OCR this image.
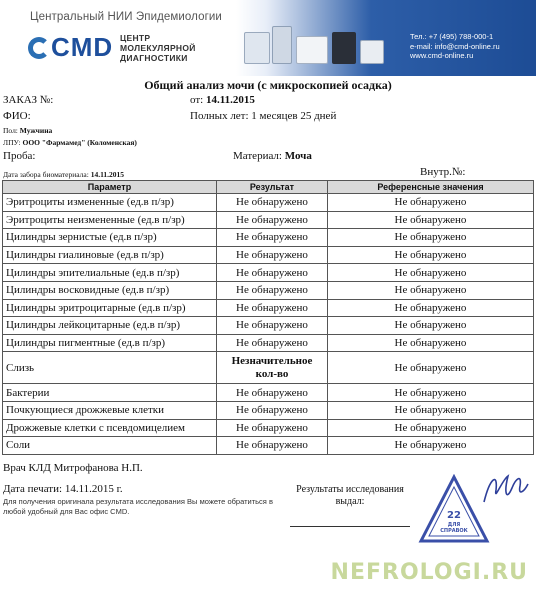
Центральный НИИ Эпидемиологии
CMD ЦЕНТР
МОЛЕКУЛЯРНОЙ
ДИАГНОСТИКИ
Тел.: +7 (495) 788-000-1
e-mail: info@cmd-online.ru
www.cmd-online.ru
Общий анализ мочи (с микроскопией осадка)
ЗАКАЗ №:	от: 14.11.2015
ФИО:	Полных лет: 1 месяцев 25 дней
Пол: Мужчина
ЛПУ: ООО "Фармамед" (Коломенская)
Проба:	Материал: Моча
Дата забора биоматериала: 14.11.2015	Внутр.№:
Параметр	Результат	Референсные значения
Эритроциты измененные (ед.в п/зр)	Не обнаружено	Не обнаружено
Эритроциты неизмененные (ед.в п/зр)	Не обнаружено	Не обнаружено
Цилиндры зернистые (ед.в п/зр)	Не обнаружено	Не обнаружено
Цилиндры гиалиновые (ед.в п/зр)	Не обнаружено	Не обнаружено
Цилиндры эпителиальные (ед.в п/зр)	Не обнаружено	Не обнаружено
Цилиндры восковидные (ед.в п/зр)	Не обнаружено	Не обнаружено
Цилиндры эритроцитарные (ед.в п/зр)	Не обнаружено	Не обнаружено
Цилиндры лейкоцитарные (ед.в п/зр)	Не обнаружено	Не обнаружено
Цилиндры пигментные (ед.в п/зр)	Не обнаружено	Не обнаружено
Слизь	Незначительное кол-во	Не обнаружено
Бактерии	Не обнаружено	Не обнаружено
Почкующиеся дрожжевые клетки	Не обнаружено	Не обнаружено
Дрожжевые клетки с псевдомицелием	Не обнаружено	Не обнаружено
Соли	Не обнаружено	Не обнаружено
Врач КЛД Митрофанова Н.П.
Дата печати: 14.11.2015 г.
Для получения оригинала результата исследования Вы можете обратиться в любой удобный для Вас офис CMD.
Результаты исследования выдал:
22
ДЛЯ
СПРАВОК
NEFROLOGI.RU
